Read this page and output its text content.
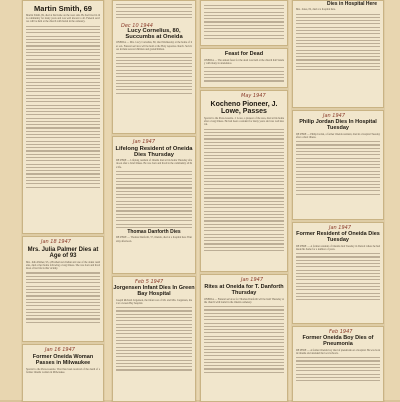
Martin Smith, 69
Martin Smith, 69, died at his home on the west side. He had lived in this community for many years and was well known to all. Funeral services will be held at the church with burial in the cemetery.
Jan 18 1947
Mrs. Julia Palmer Dies at Age of 93
Mrs. Julia Palmer, 93, a Brothertown Indian and one of the oldest residents, died at her home following a long illness. She was born and lived most of her life in this vicinity.
Jan 16 1947
Former Oneida Woman Passes in Milwaukee
Special to the Press-Gazette. Word has been received of the death of a former Oneida woman in Milwaukee.
Dec 10 1944
Lucy Cornelius, 80, Succumbs at Oneida
ONEIDA — Mrs. Lucy Cornelius, 80, died Wednesday at the home of her son. Funeral services will be held at the Holy Apostles church. Survivors include several children and grandchildren.
Jan 1947
Lifelong Resident of Oneida Dies Thursday
DE PERE — Lifelong resident of Oneida died at his home Thursday afternoon after a brief illness. He was born and lived in the community all his life.
Thomas Danforth Dies
DE PERE — Thomas Danforth, 57, Oneida, died at a hospital here Thursday afternoon.
Feb 5 1947
Jorgensen Infant Dies In Green Bay Hospital
Joseph Richard Jorgensen, the infant son of Mr. and Mrs. Jorgensen, died at a Green Bay hospital.
Feast for Dead
ONEIDA — The annual feast for the dead was held at the church hall Sunday with many in attendance.
May 1947
Kocheno Pioneer, J. Lowe, Passes
Special to the Press-Gazette. J. Lowe, a pioneer of the area, died at his home after a long illness. He had been a resident for many years and was well known.
Jan 1947
Rites at Oneida for T. Danforth Thursday
ONEIDA — Funeral services for Thomas Danforth will be held Thursday at the church with burial in the Oneida cemetery.
Dies in Hospital Here
Mrs. Jones, 82, died at a hospital here.
Jan 1947
Philip Jordan Dies In Hospital Tuesday
DE PERE — Philip Jordan, a former Oneida resident, died in a hospital Tuesday after a short illness.
Jan 1947
Former Resident of Oneida Dies Tuesday
DE PERE — A former resident of Oneida died Tuesday in Detroit where he had made his home for a number of years.
Feb 1947
Former Oneida Boy Dies of Pneumonia
DE PERE — A former Oneida boy died of pneumonia at a hospital. He was born in Oneida and attended the local schools.
